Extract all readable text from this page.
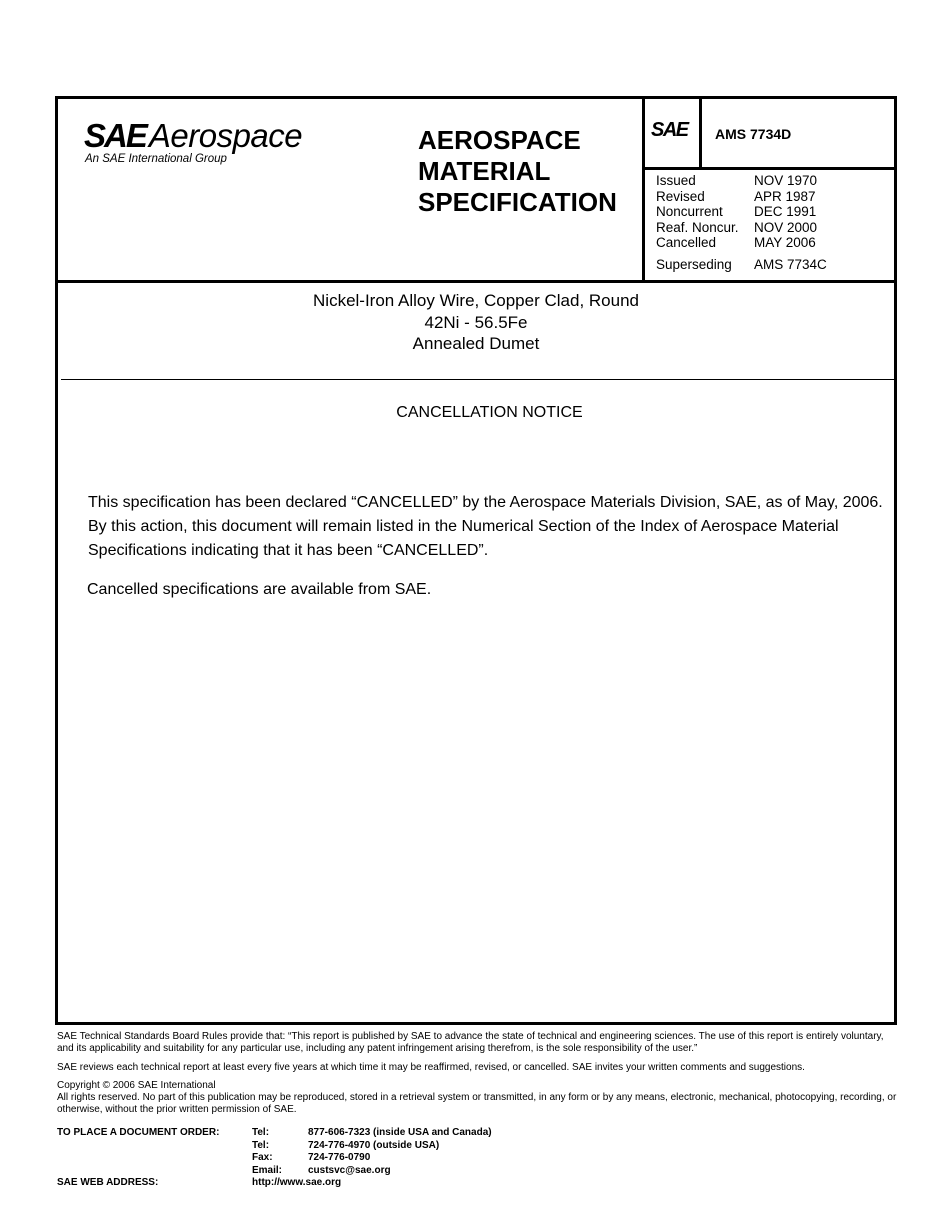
SAE Aerospace
An SAE International Group
AEROSPACE
MATERIAL
SPECIFICATION
SAE AMS 7734D
Issued	NOV 1970
Revised	APR 1987
Noncurrent	DEC 1991
Reaf. Noncur.	NOV 2000
Cancelled	MAY 2006
Superseding	AMS 7734C
Nickel-Iron Alloy Wire, Copper Clad, Round
42Ni - 56.5Fe
Annealed Dumet
CANCELLATION NOTICE
This specification has been declared “CANCELLED” by the Aerospace Materials Division, SAE, as of May, 2006. By this action, this document will remain listed in the Numerical Section of the Index of Aerospace Material Specifications indicating that it has been “CANCELLED”.
Cancelled specifications are available from SAE.

SAE Technical Standards Board Rules provide that: “This report is published by SAE to advance the state of technical and engineering sciences. The use of this report is entirely voluntary, and its applicability and suitability for any particular use, including any patent infringement arising therefrom, is the sole responsibility of the user.”

SAE reviews each technical report at least every five years at which time it may be reaffirmed, revised, or cancelled. SAE invites your written comments and suggestions.

Copyright © 2006 SAE International
All rights reserved. No part of this publication may be reproduced, stored in a retrieval system or transmitted, in any form or by any means, electronic, mechanical, photocopying, recording, or otherwise, without the prior written permission of SAE.
TO PLACE A DOCUMENT ORDER:	Tel:	877-606-7323 (inside USA and Canada)
Tel:	724-776-4970 (outside USA)
Fax:	724-776-0790
Email:	custsvc@sae.org
SAE WEB ADDRESS:	http://www.sae.org
